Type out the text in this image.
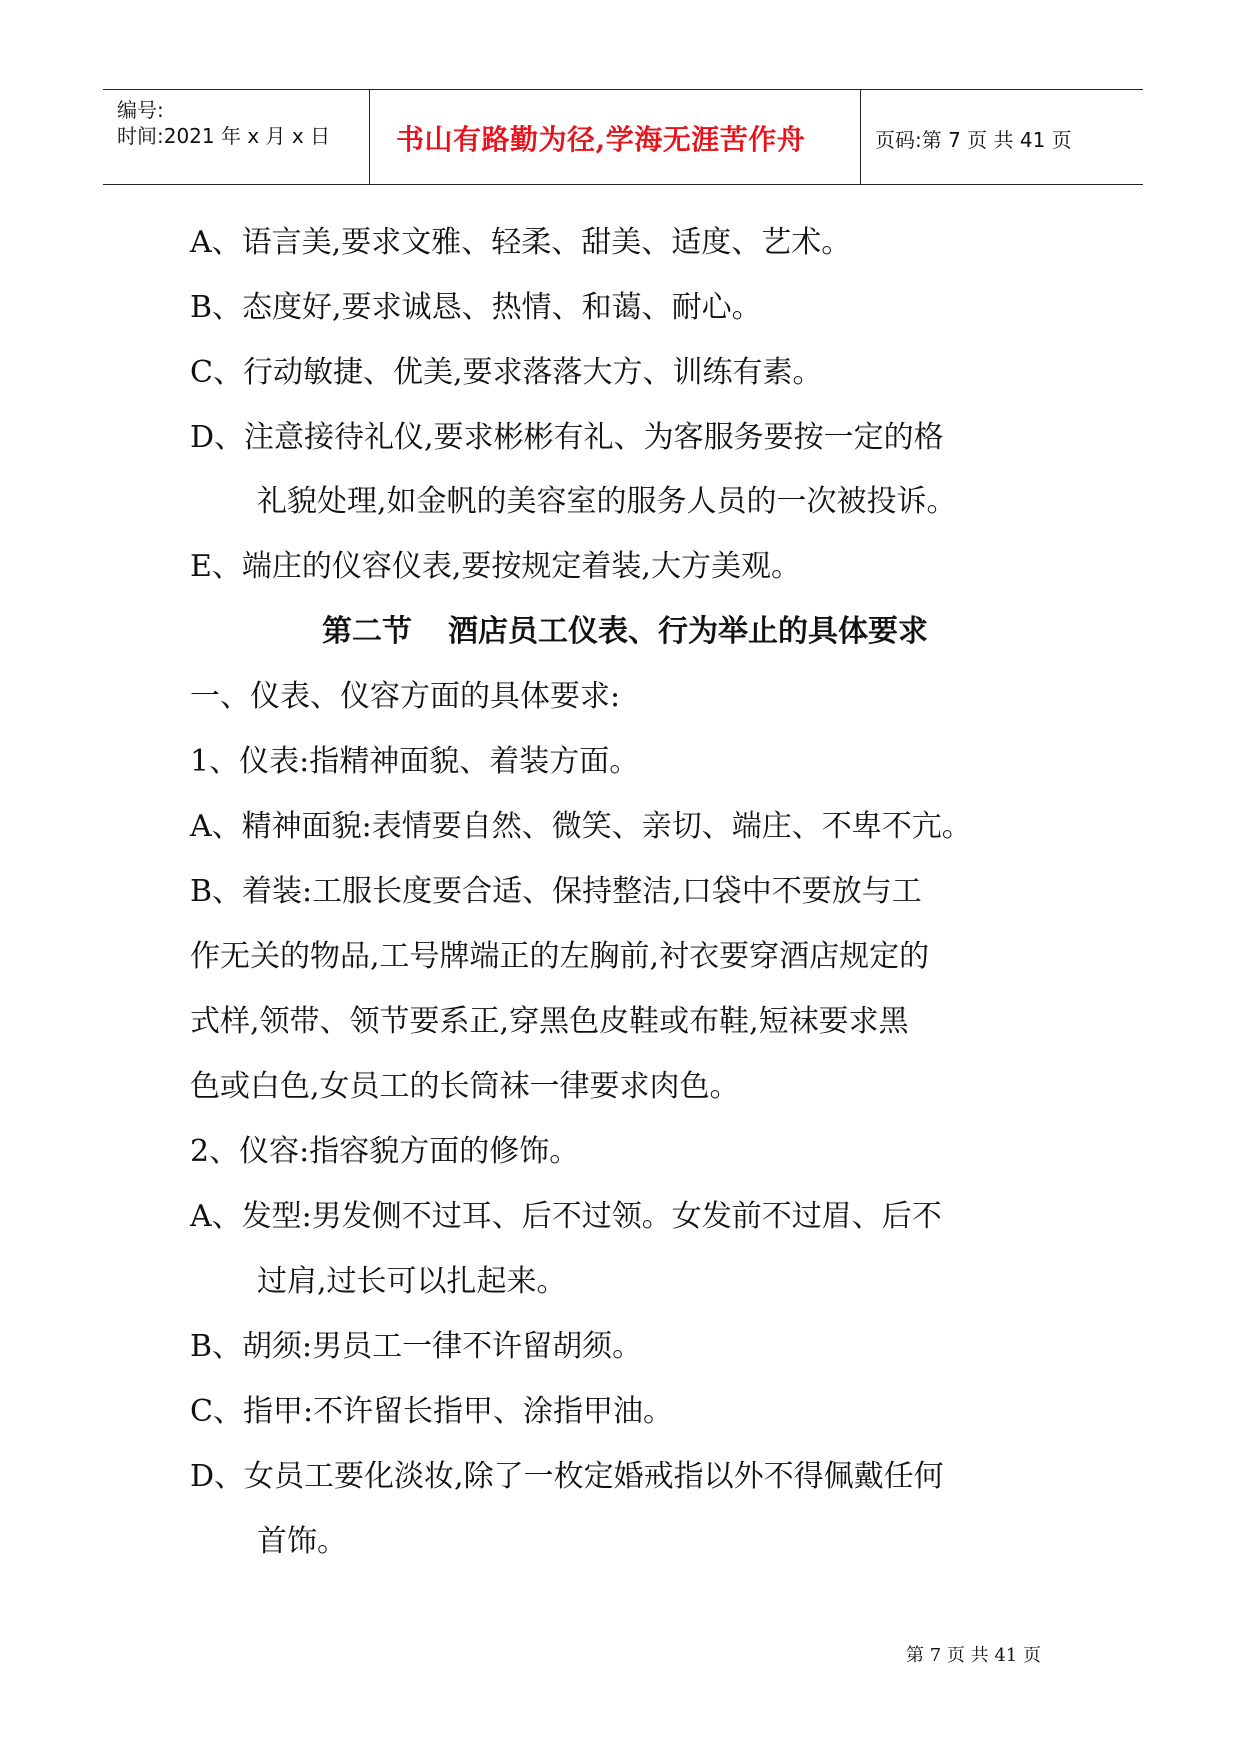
编号:
时间:2021 年 x 月 x 日 书山有路勤为径,学海无涯苦作舟	页码:第 7 页 共 41 页
A、语言美,要求文雅、轻柔、甜美、适度、艺术。
B、态度好,要求诚恳、热情、和蔼、耐心。
C、行动敏捷、优美,要求落落大方、训练有素。
D、注意接待礼仪,要求彬彬有礼、为客服务要按一定的格
礼貌处理,如金帆的美容室的服务人员的一次被投诉。
E、端庄的仪容仪表,要按规定着装,大方美观。
第二节 酒店员工仪表、行为举止的具体要求
一、仪表、仪容方面的具体要求:
1、仪表:指精神面貌、着装方面。
A、精神面貌:表情要自然、微笑、亲切、端庄、不卑不亢。
B、着装:工服长度要合适、保持整洁,口袋中不要放与工
作无关的物品,工号牌端正的左胸前,衬衣要穿酒店规定的
式样,领带、领节要系正,穿黑色皮鞋或布鞋,短袜要求黑
色或白色,女员工的长筒袜一律要求肉色。
2、仪容:指容貌方面的修饰。
A、发型:男发侧不过耳、后不过领。女发前不过眉、后不
过肩,过长可以扎起来。
B、胡须:男员工一律不许留胡须。
C、指甲:不许留长指甲、涂指甲油。
D、女员工要化淡妆,除了一枚定婚戒指以外不得佩戴任何
首饰。
第 7 页 共 41 页
